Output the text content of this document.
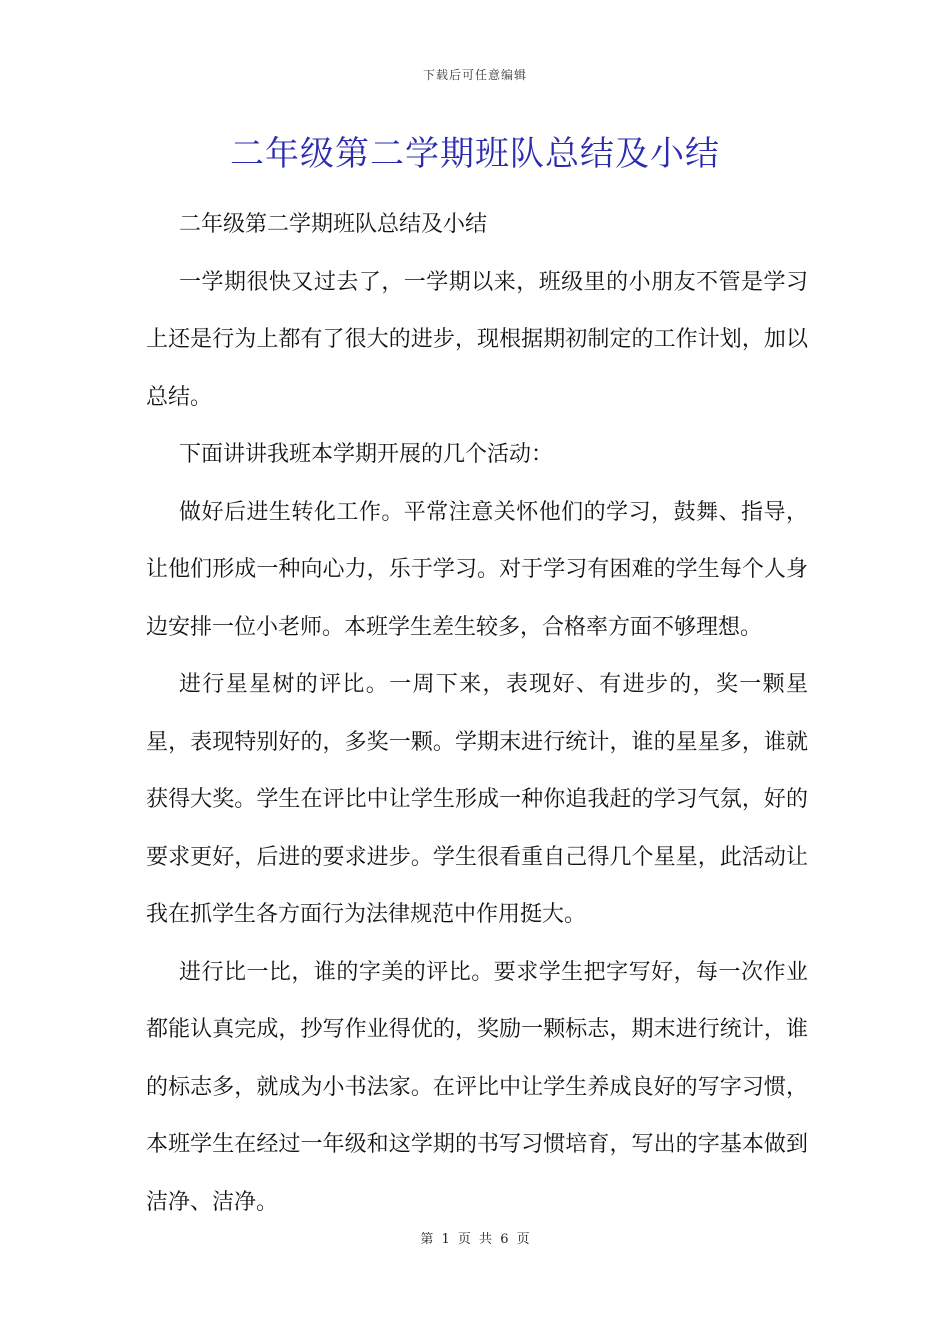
下载后可任意编辑
二年级第二学期班队总结及小结

二年级第二学期班队总结及小结

一学期很快又过去了，一学期以来，班级里的小朋友不管是学习上还是行为上都有了很大的进步，现根据期初制定的工作计划，加以总结。

下面讲讲我班本学期开展的几个活动：

做好后进生转化工作。平常注意关怀他们的学习，鼓舞、指导，让他们形成一种向心力，乐于学习。对于学习有困难的学生每个人身边安排一位小老师。本班学生差生较多，合格率方面不够理想。

进行星星树的评比。一周下来，表现好、有进步的，奖一颗星星，表现特别好的，多奖一颗。学期末进行统计，谁的星星多，谁就获得大奖。学生在评比中让学生形成一种你追我赶的学习气氛，好的要求更好，后进的要求进步。学生很看重自己得几个星星，此活动让我在抓学生各方面行为法律规范中作用挺大。

进行比一比，谁的字美的评比。要求学生把字写好，每一次作业都能认真完成，抄写作业得优的，奖励一颗标志，期末进行统计，谁的标志多，就成为小书法家。在评比中让学生养成良好的写字习惯，本班学生在经过一年级和这学期的书写习惯培育，写出的字基本做到洁净、洁净。

第 1 页 共 6 页
